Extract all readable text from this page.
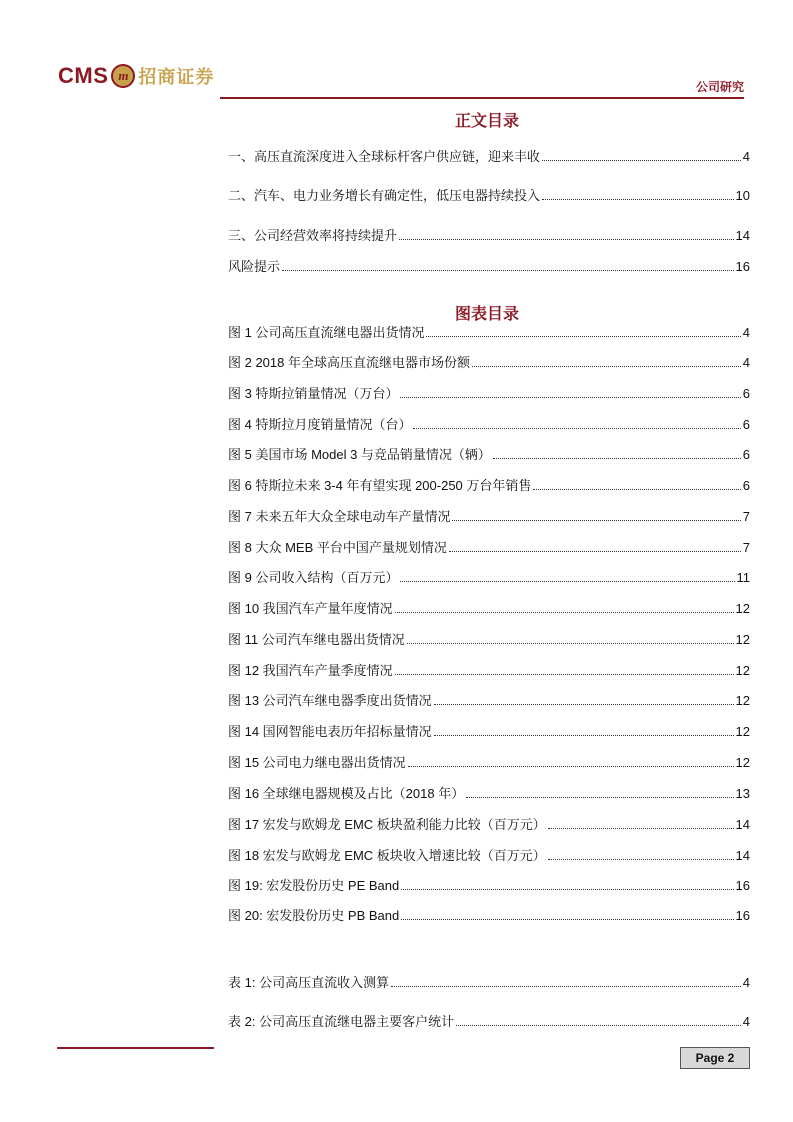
CMS m 招商证券	公司研究
正文目录
一、高压直流深度进入全球标杆客户供应链，迎来丰收	4
二、汽车、电力业务增长有确定性，低压电器持续投入	10
三、公司经营效率将持续提升	14
风险提示	16
图表目录
图 1 公司高压直流继电器出货情况	4
图 2 2018 年全球高压直流继电器市场份额	4
图 3 特斯拉销量情况（万台）	6
图 4 特斯拉月度销量情况（台）	6
图 5 美国市场 Model 3 与竞品销量情况（辆）	6
图 6 特斯拉未来 3-4 年有望实现 200-250 万台年销售	6
图 7 未来五年大众全球电动车产量情况	7
图 8 大众 MEB 平台中国产量规划情况	7
图 9 公司收入结构（百万元）	11
图 10 我国汽车产量年度情况	12
图 11 公司汽车继电器出货情况	12
图 12 我国汽车产量季度情况	12
图 13 公司汽车继电器季度出货情况	12
图 14 国网智能电表历年招标量情况	12
图 15 公司电力继电器出货情况	12
图 16 全球继电器规模及占比（2018 年）	13
图 17 宏发与欧姆龙 EMC 板块盈利能力比较（百万元）	14
图 18 宏发与欧姆龙 EMC 板块收入增速比较（百万元）	14
图 19: 宏发股份历史 PE Band	16
图 20: 宏发股份历史 PB Band	16
表 1: 公司高压直流收入测算	4
表 2: 公司高压直流继电器主要客户统计	4
Page 2
